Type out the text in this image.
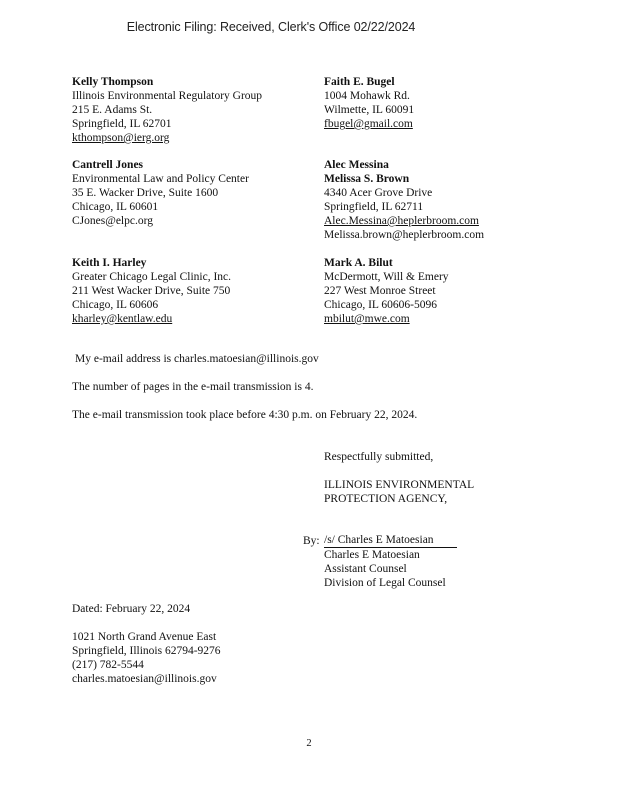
Electronic Filing: Received, Clerk's Office 02/22/2024
Kelly Thompson
Illinois Environmental Regulatory Group
215 E. Adams St.
Springfield, IL 62701
kthompson@ierg.org
Faith E. Bugel
1004 Mohawk Rd.
Wilmette, IL 60091
fbugel@gmail.com
Cantrell Jones
Environmental Law and Policy Center
35 E. Wacker Drive, Suite 1600
Chicago, IL 60601
CJones@elpc.org
Alec Messina
Melissa S. Brown
4340 Acer Grove Drive
Springfield, IL 62711
Alec.Messina@heplerbroom.com
Melissa.brown@heplerbroom.com
Keith I. Harley
Greater Chicago Legal Clinic, Inc.
211 West Wacker Drive, Suite 750
Chicago, IL 60606
kharley@kentlaw.edu
Mark A. Bilut
McDermott, Will & Emery
227 West Monroe Street
Chicago, IL 60606-5096
mbilut@mwe.com
My e-mail address is charles.matoesian@illinois.gov
The number of pages in the e-mail transmission is 4.
The e-mail transmission took place before 4:30 p.m. on February 22, 2024.
Respectfully submitted,
ILLINOIS ENVIRONMENTAL
PROTECTION AGENCY,
By: /s/ Charles E Matoesian
Charles E Matoesian
Assistant Counsel
Division of Legal Counsel
Dated: February 22, 2024
1021 North Grand Avenue East
Springfield, Illinois 62794-9276
(217) 782-5544
charles.matoesian@illinois.gov
2
